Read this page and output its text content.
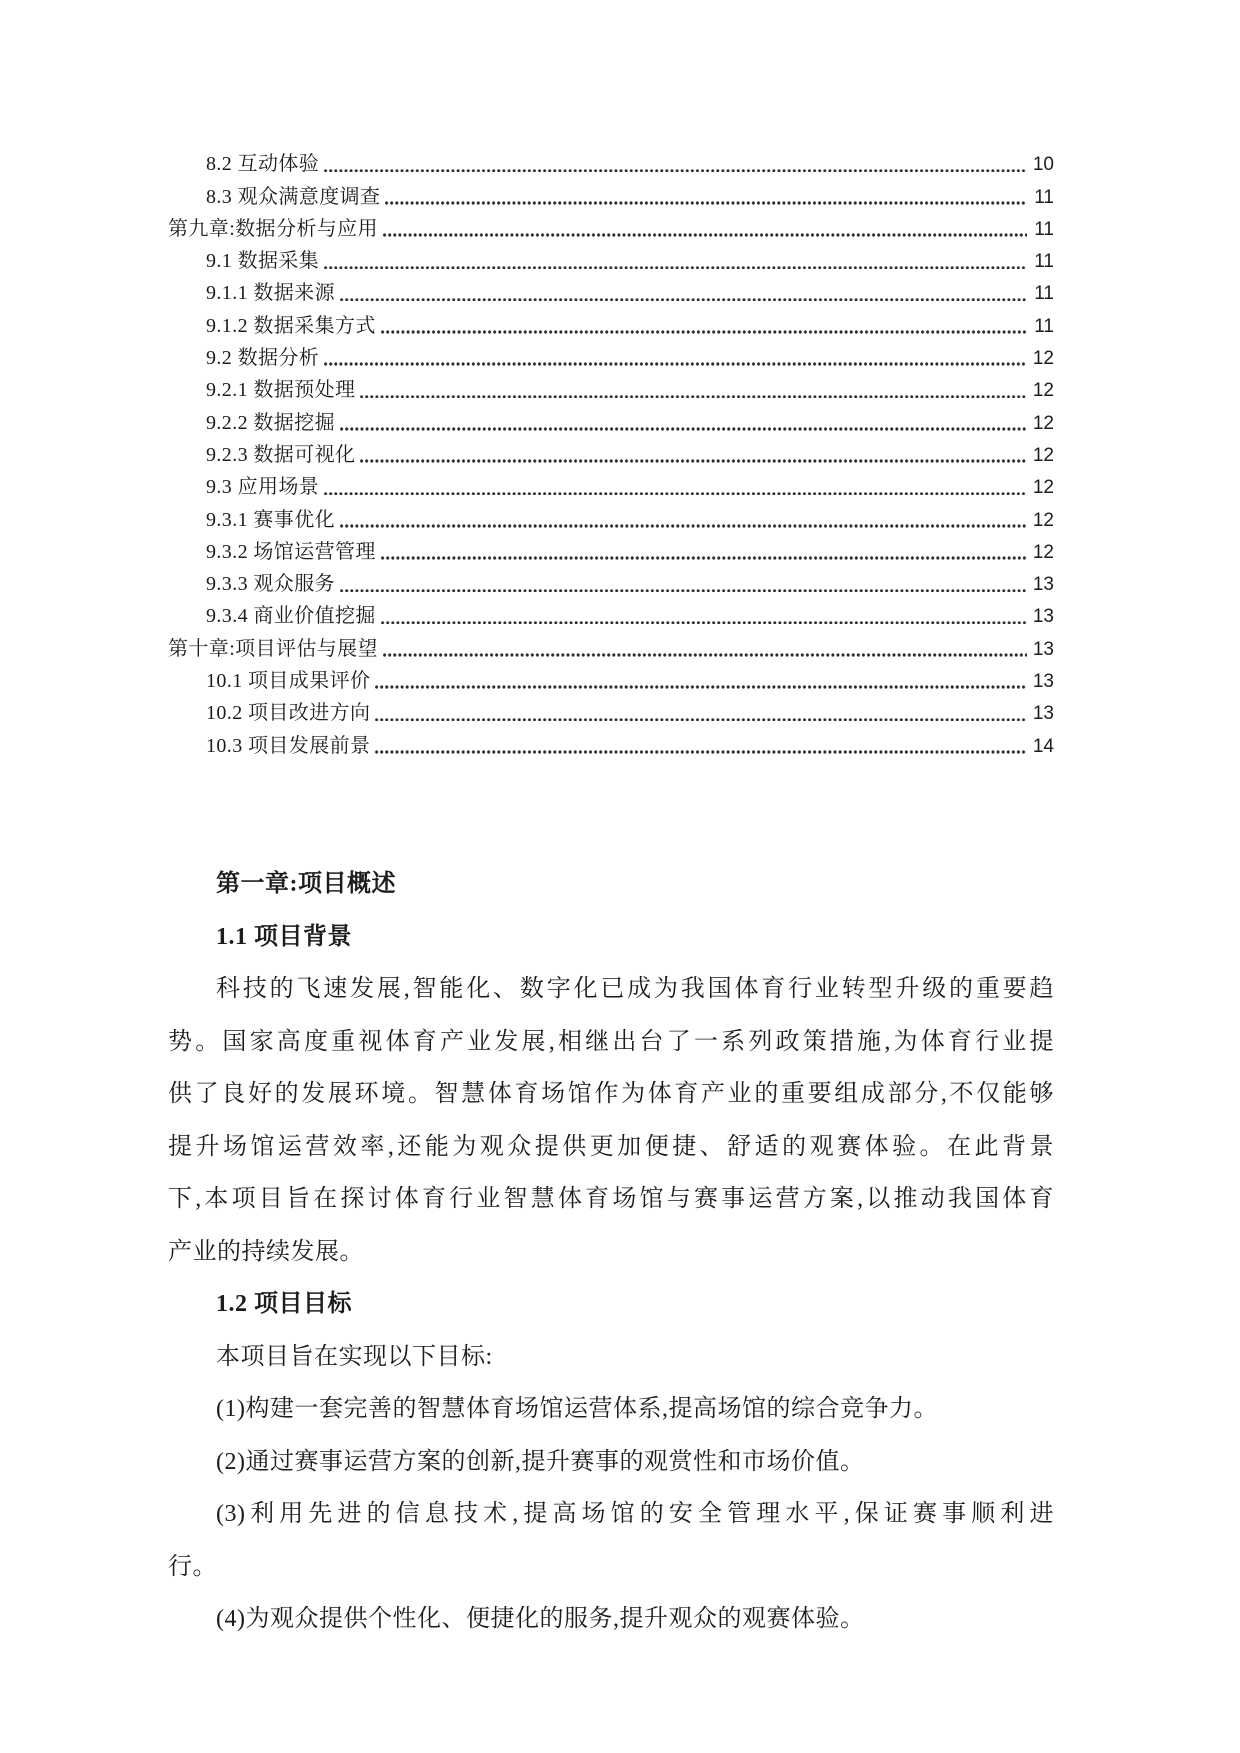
8.2 互动体验	10
8.3 观众满意度调查	11
第九章:数据分析与应用	11
9.1 数据采集	11
9.1.1 数据来源	11
9.1.2 数据采集方式	11
9.2 数据分析	12
9.2.1 数据预处理	12
9.2.2 数据挖掘	12
9.2.3 数据可视化	12
9.3 应用场景	12
9.3.1 赛事优化	12
9.3.2 场馆运营管理	12
9.3.3 观众服务	13
9.3.4 商业价值挖掘	13
第十章:项目评估与展望	13
10.1 项目成果评价	13
10.2 项目改进方向	13
10.3 项目发展前景	14
第一章:项目概述
1.1 项目背景
科技的飞速发展,智能化、数字化已成为我国体育行业转型升级的重要趋
势。国家高度重视体育产业发展,相继出台了一系列政策措施,为体育行业提
供了良好的发展环境。智慧体育场馆作为体育产业的重要组成部分,不仅能够
提升场馆运营效率,还能为观众提供更加便捷、舒适的观赛体验。在此背景
下,本项目旨在探讨体育行业智慧体育场馆与赛事运营方案,以推动我国体育
产业的持续发展。
1.2 项目目标
本项目旨在实现以下目标:
(1)构建一套完善的智慧体育场馆运营体系,提高场馆的综合竞争力。
(2)通过赛事运营方案的创新,提升赛事的观赏性和市场价值。
(3)利用先进的信息技术,提高场馆的安全管理水平,保证赛事顺利进
行。
(4)为观众提供个性化、便捷化的服务,提升观众的观赛体验。
